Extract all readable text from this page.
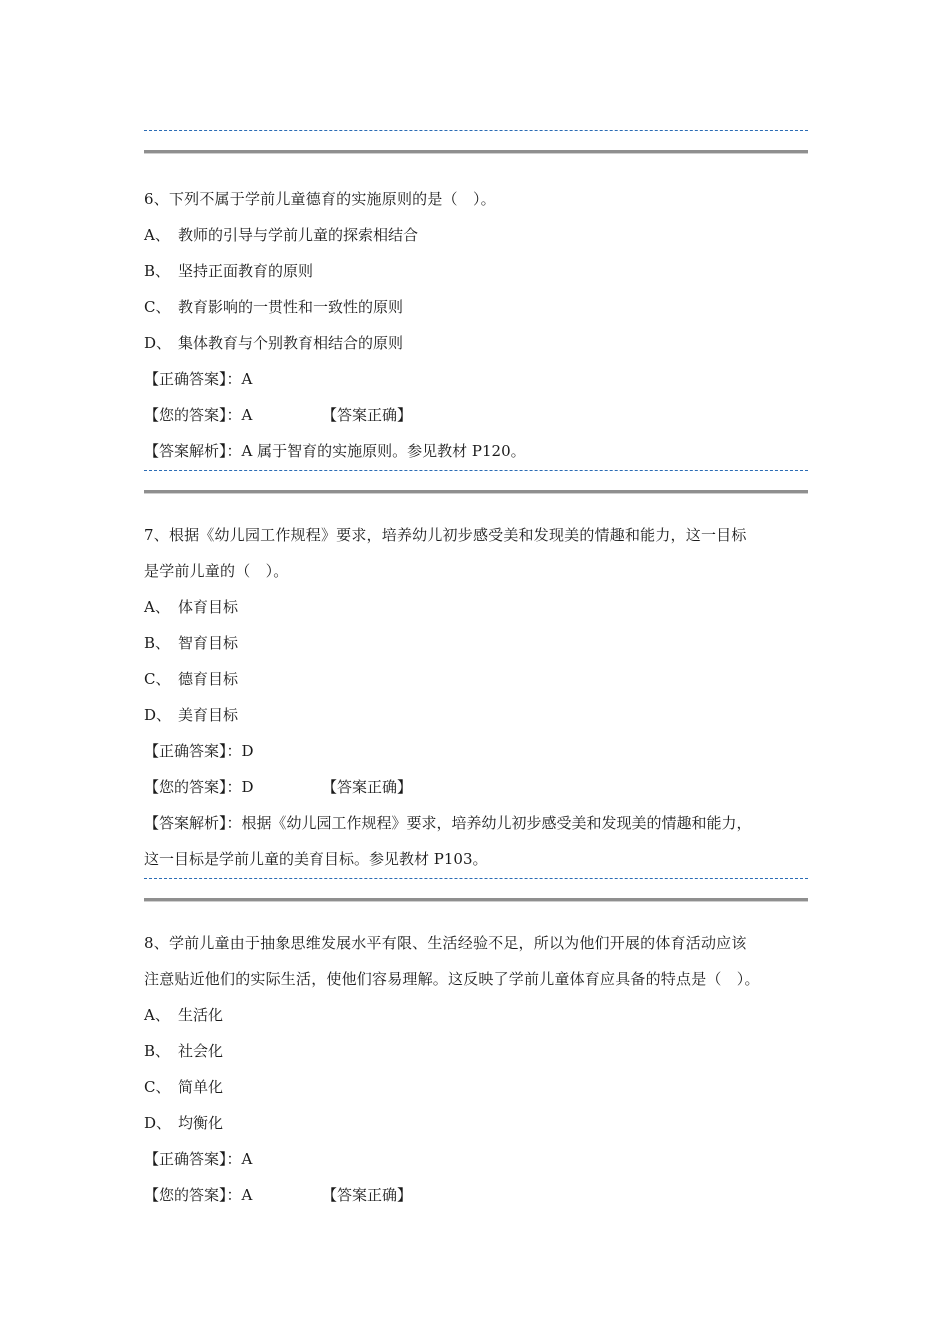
6、下列不属于学前儿童德育的实施原则的是（　）。
A、 教师的引导与学前儿童的探索相结合
B、 坚持正面教育的原则
C、 教育影响的一贯性和一致性的原则
D、 集体教育与个别教育相结合的原则
【正确答案】：A
【您的答案】：A	【答案正确】
【答案解析】：A 属于智育的实施原则。参见教材 P120。
7、根据《幼儿园工作规程》要求，培养幼儿初步感受美和发现美的情趣和能力，这一目标
是学前儿童的（　）。
A、 体育目标
B、 智育目标
C、 德育目标
D、 美育目标
【正确答案】：D
【您的答案】：D	【答案正确】
【答案解析】：根据《幼儿园工作规程》要求，培养幼儿初步感受美和发现美的情趣和能力，
这一目标是学前儿童的美育目标。参见教材 P103。
8、学前儿童由于抽象思维发展水平有限、生活经验不足，所以为他们开展的体育活动应该
注意贴近他们的实际生活，使他们容易理解。这反映了学前儿童体育应具备的特点是（　）。
A、 生活化
B、 社会化
C、 简单化
D、 均衡化
【正确答案】：A
【您的答案】：A	【答案正确】
